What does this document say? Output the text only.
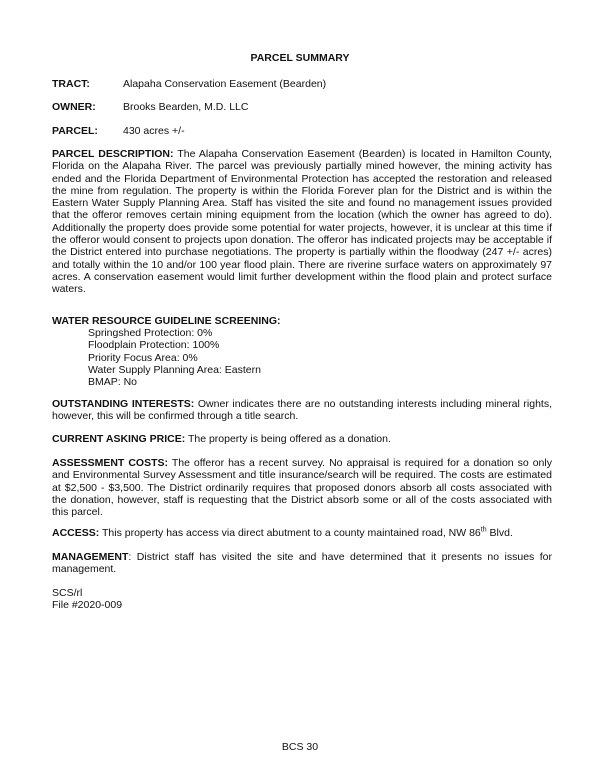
PARCEL SUMMARY
TRACT:	Alapaha Conservation Easement (Bearden)
OWNER:	Brooks Bearden, M.D. LLC
PARCEL: 430 acres +/-
PARCEL DESCRIPTION: The Alapaha Conservation Easement (Bearden) is located in Hamilton County, Florida on the Alapaha River. The parcel was previously partially mined however, the mining activity has ended and the Florida Department of Environmental Protection has accepted the restoration and released the mine from regulation. The property is within the Florida Forever plan for the District and is within the Eastern Water Supply Planning Area. Staff has visited the site and found no management issues provided that the offeror removes certain mining equipment from the location (which the owner has agreed to do). Additionally the property does provide some potential for water projects, however, it is unclear at this time if the offeror would consent to projects upon donation. The offeror has indicated projects may be acceptable if the District entered into purchase negotiations. The property is partially within the floodway (247 +/- acres) and totally within the 10 and/or 100 year flood plain. There are riverine surface waters on approximately 97 acres. A conservation easement would limit further development within the flood plain and protect surface waters.
WATER RESOURCE GUIDELINE SCREENING:
Springshed Protection: 0%
Floodplain Protection: 100%
Priority Focus Area: 0%
Water Supply Planning Area: Eastern
BMAP: No
OUTSTANDING INTERESTS: Owner indicates there are no outstanding interests including mineral rights, however, this will be confirmed through a title search.
CURRENT ASKING PRICE: The property is being offered as a donation.
ASSESSMENT COSTS: The offeror has a recent survey. No appraisal is required for a donation so only and Environmental Survey Assessment and title insurance/search will be required. The costs are estimated at $2,500 - $3,500. The District ordinarily requires that proposed donors absorb all costs associated with the donation, however, staff is requesting that the District absorb some or all of the costs associated with this parcel.
ACCESS: This property has access via direct abutment to a county maintained road, NW 86th Blvd.
MANAGEMENT: District staff has visited the site and have determined that it presents no issues for management.
SCS/rl
File #2020-009
BCS 30
